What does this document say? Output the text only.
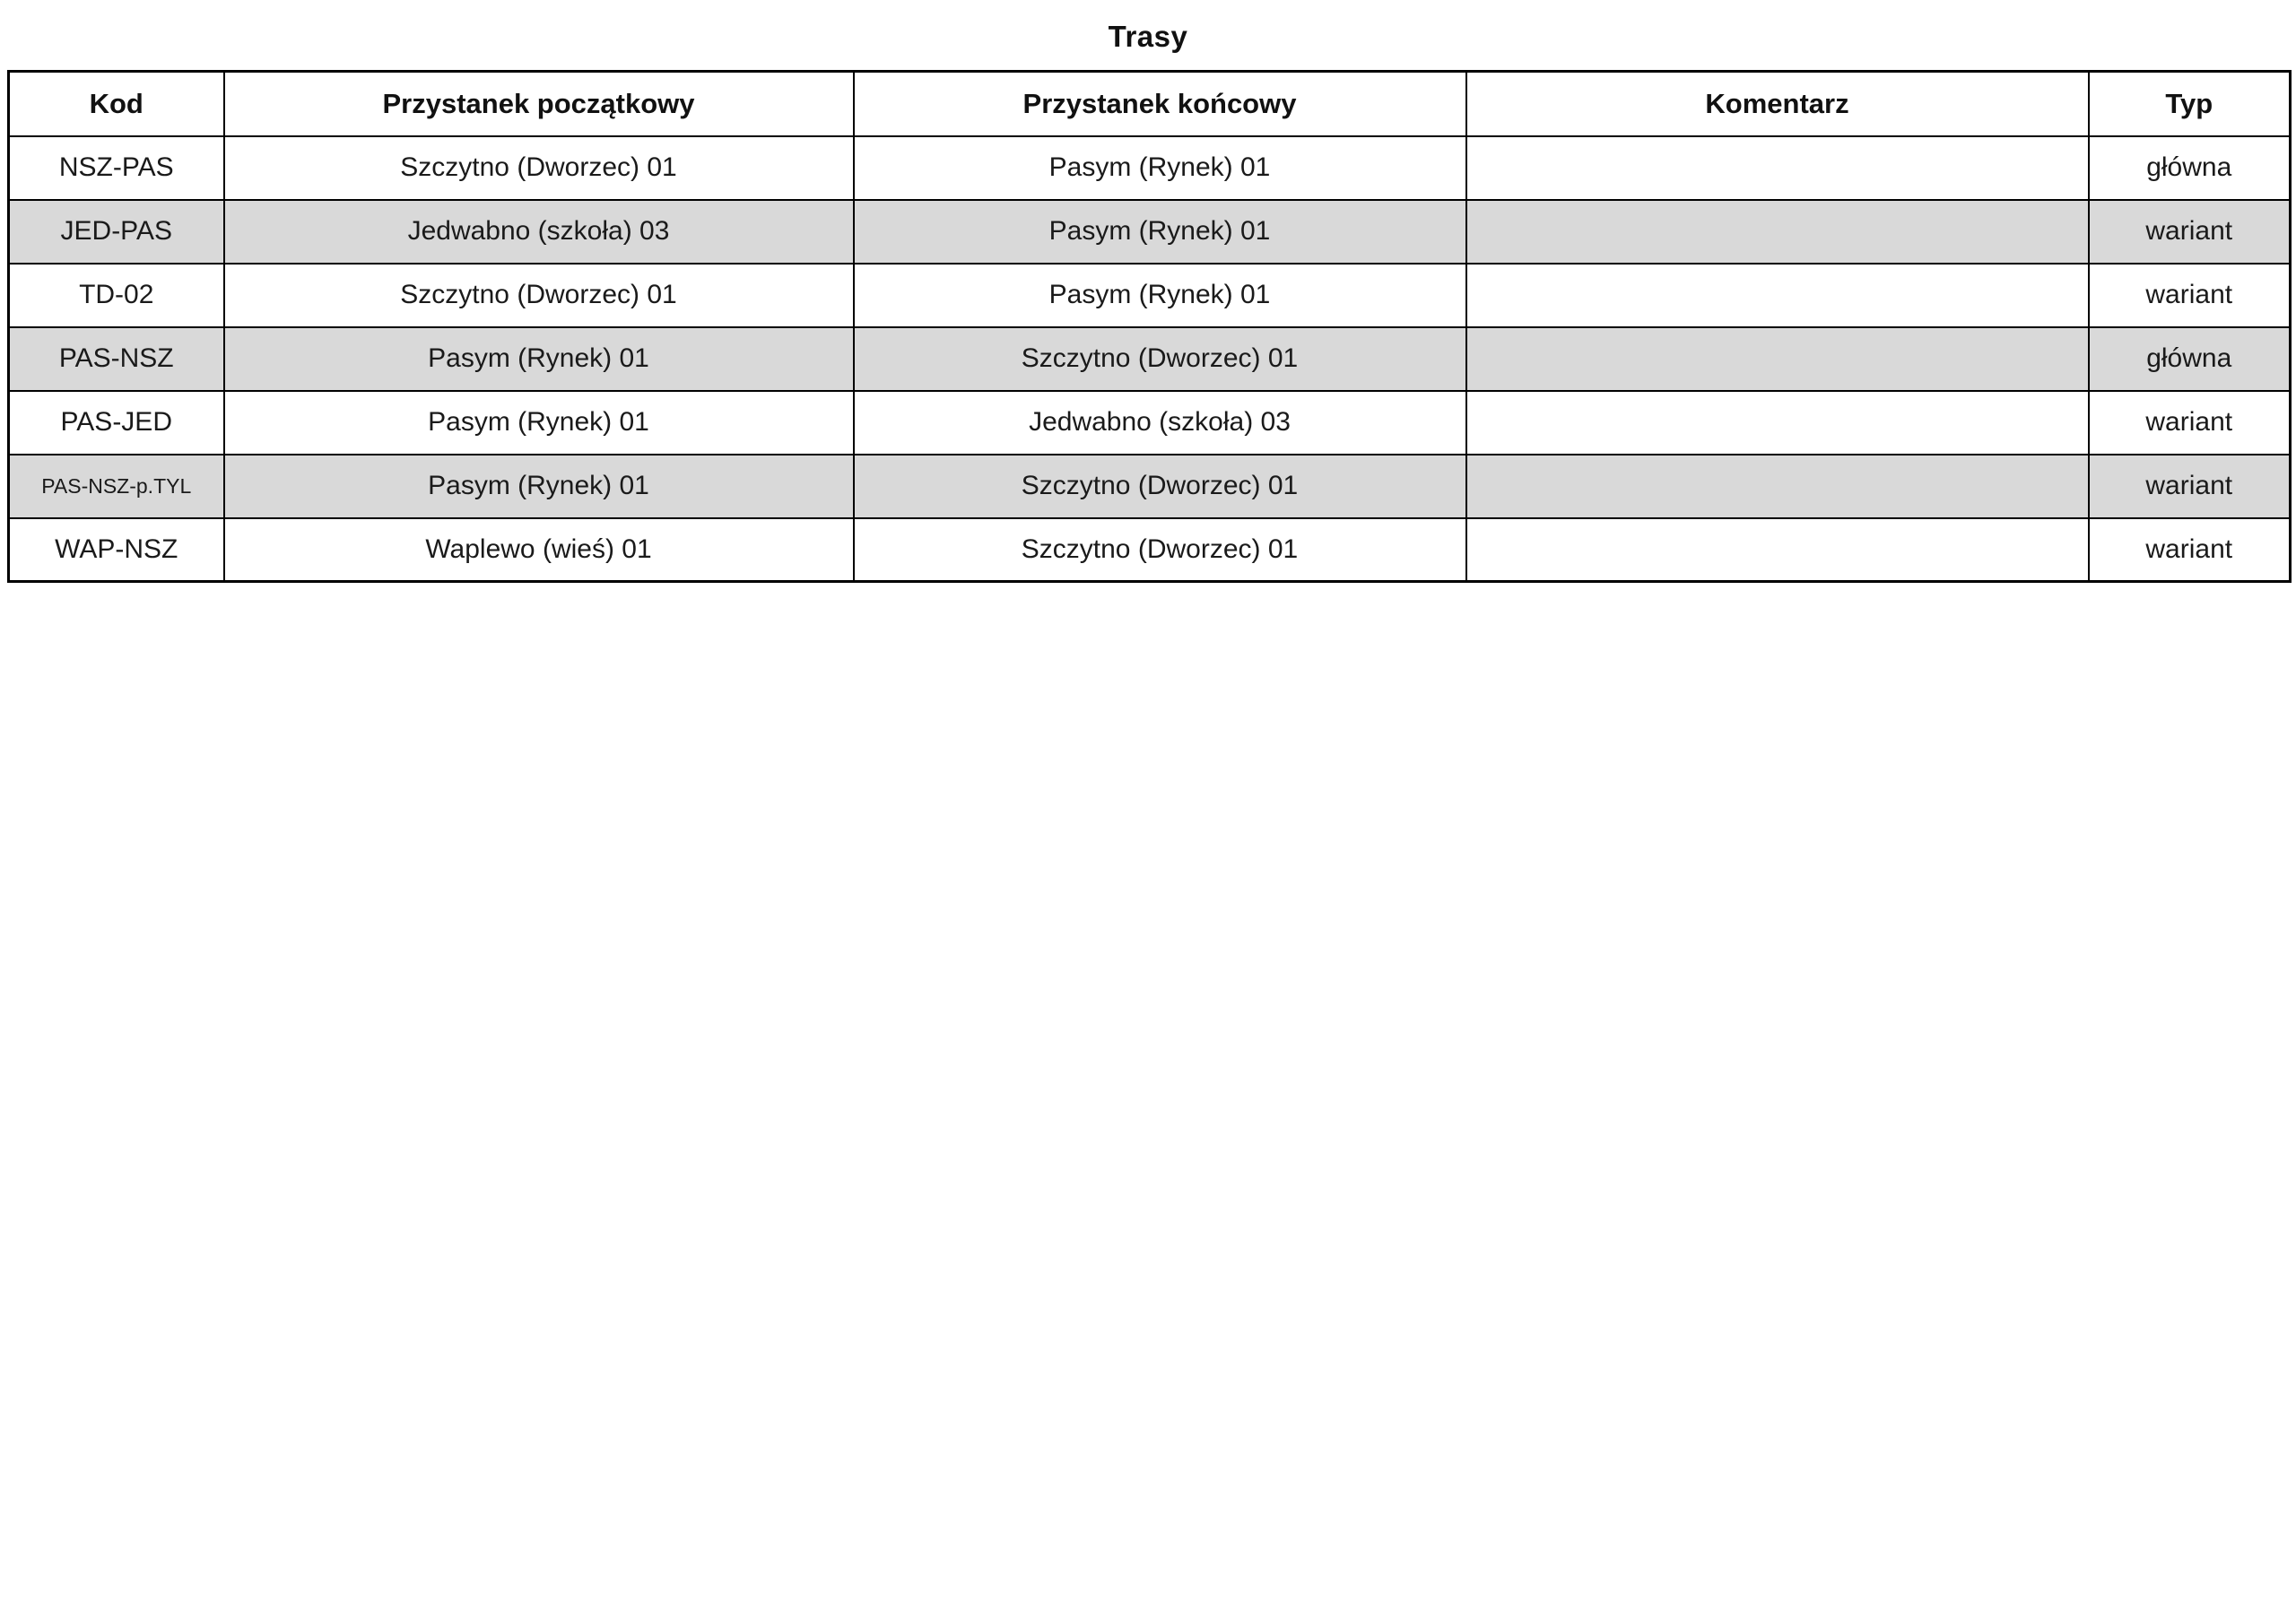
Trasy
Kod	Przystanek początkowy	Przystanek końcowy	Komentarz	Typ
NSZ-PAS	Szczytno (Dworzec) 01	Pasym (Rynek) 01		główna
JED-PAS	Jedwabno (szkoła) 03	Pasym (Rynek) 01		wariant
TD-02	Szczytno (Dworzec) 01	Pasym (Rynek) 01		wariant
PAS-NSZ	Pasym (Rynek) 01	Szczytno (Dworzec) 01		główna
PAS-JED	Pasym (Rynek) 01	Jedwabno (szkoła) 03		wariant
PAS-NSZ-p.TYL	Pasym (Rynek) 01	Szczytno (Dworzec) 01		wariant
WAP-NSZ	Waplewo (wieś) 01	Szczytno (Dworzec) 01		wariant
